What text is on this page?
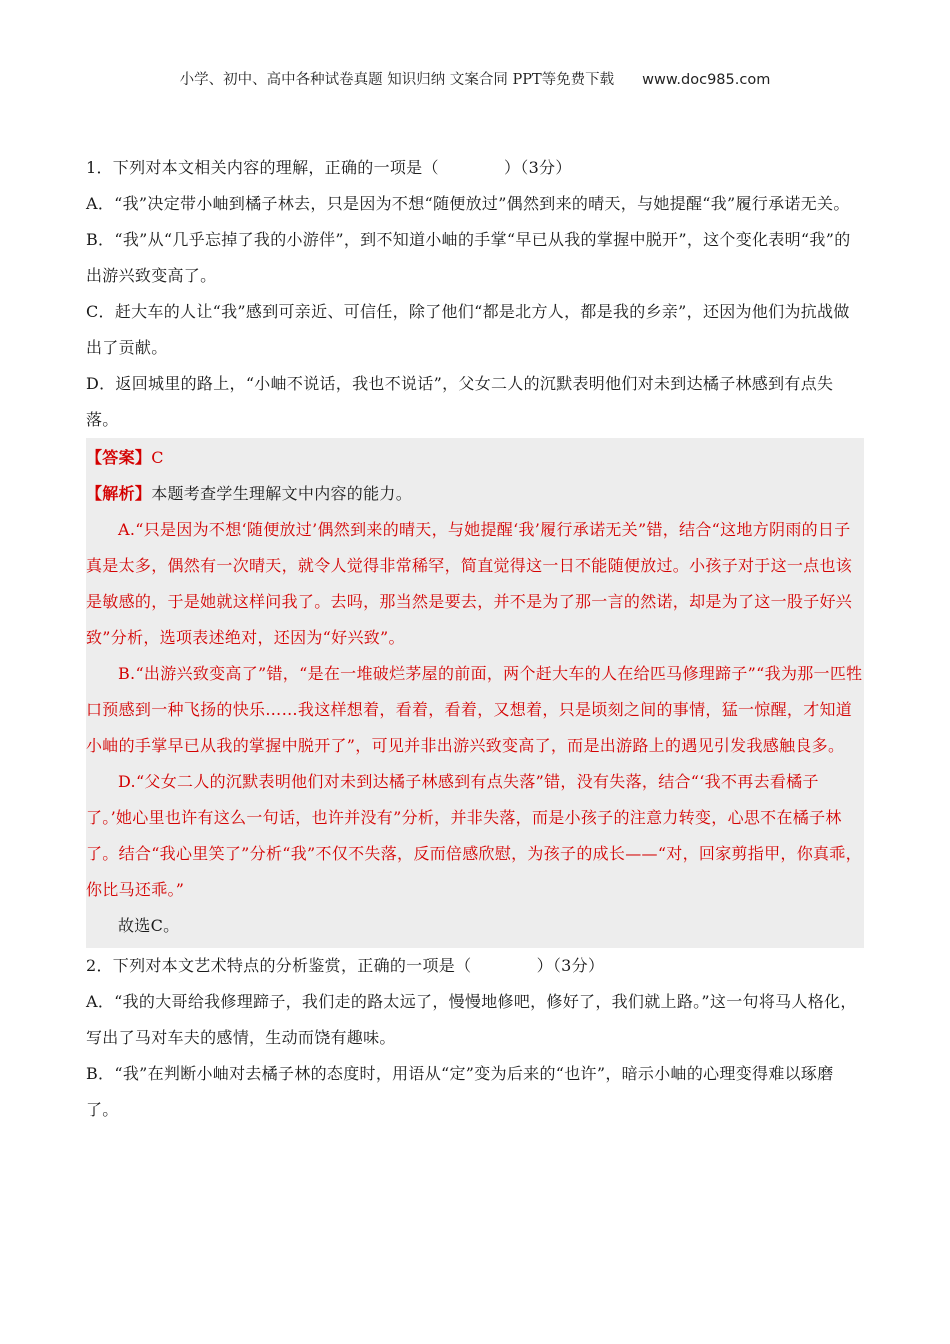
小学、初中、高中各种试卷真题 知识归纳 文案合同 PPT等免费下载 www.doc985.com

1．下列对本文相关内容的理解，正确的一项是（　　　　）（3分）

A．“我”决定带小岫到橘子林去，只是因为不想“随便放过”偶然到来的晴天，与她提醒“我”履行承诺无关。

B．“我”从“几乎忘掉了我的小游伴”，到不知道小岫的手掌“早已从我的掌握中脱开”，这个变化表明“我”的出游兴致变高了。

C．赶大车的人让“我”感到可亲近、可信任，除了他们“都是北方人，都是我的乡亲”，还因为他们为抗战做出了贡献。

D．返回城里的路上，“小岫不说话，我也不说话”，父女二人的沉默表明他们对未到达橘子林感到有点失落。

【答案】C

【解析】本题考查学生理解文中内容的能力。

A.“只是因为不想‘随便放过’偶然到来的晴天，与她提醒‘我’履行承诺无关”错，结合“这地方阴雨的日子真是太多，偶然有一次晴天，就令人觉得非常稀罕，简直觉得这一日不能随便放过。小孩子对于这一点也该是敏感的，于是她就这样问我了。去吗，那当然是要去，并不是为了那一言的然诺，却是为了这一股子好兴致”分析，选项表述绝对，还因为“好兴致”。

B.“出游兴致变高了”错，“是在一堆破烂茅屋的前面，两个赶大车的人在给匹马修理蹄子”“我为那一匹牲口预感到一种飞扬的快乐……我这样想着，看着，看着，又想着，只是顷刻之间的事情，猛一惊醒，才知道小岫的手掌早已从我的掌握中脱开了”，可见并非出游兴致变高了，而是出游路上的遇见引发我感触良多。

D.“父女二人的沉默表明他们对未到达橘子林感到有点失落”错，没有失落，结合“‘我不再去看橘子了。’她心里也许有这么一句话，也许并没有”分析，并非失落，而是小孩子的注意力转变，心思不在橘子林了。结合“我心里笑了”分析“我”不仅不失落，反而倍感欣慰，为孩子的成长——“对，回家剪指甲，你真乖，你比马还乖。”

故选C。

2．下列对本文艺术特点的分析鉴赏，正确的一项是（　　　　）（3分）

A．“我的大哥给我修理蹄子，我们走的路太远了，慢慢地修吧，修好了，我们就上路。”这一句将马人格化，写出了马对车夫的感情，生动而饶有趣味。

B．“我”在判断小岫对去橘子林的态度时，用语从“定”变为后来的“也许”，暗示小岫的心理变得难以琢磨了。
